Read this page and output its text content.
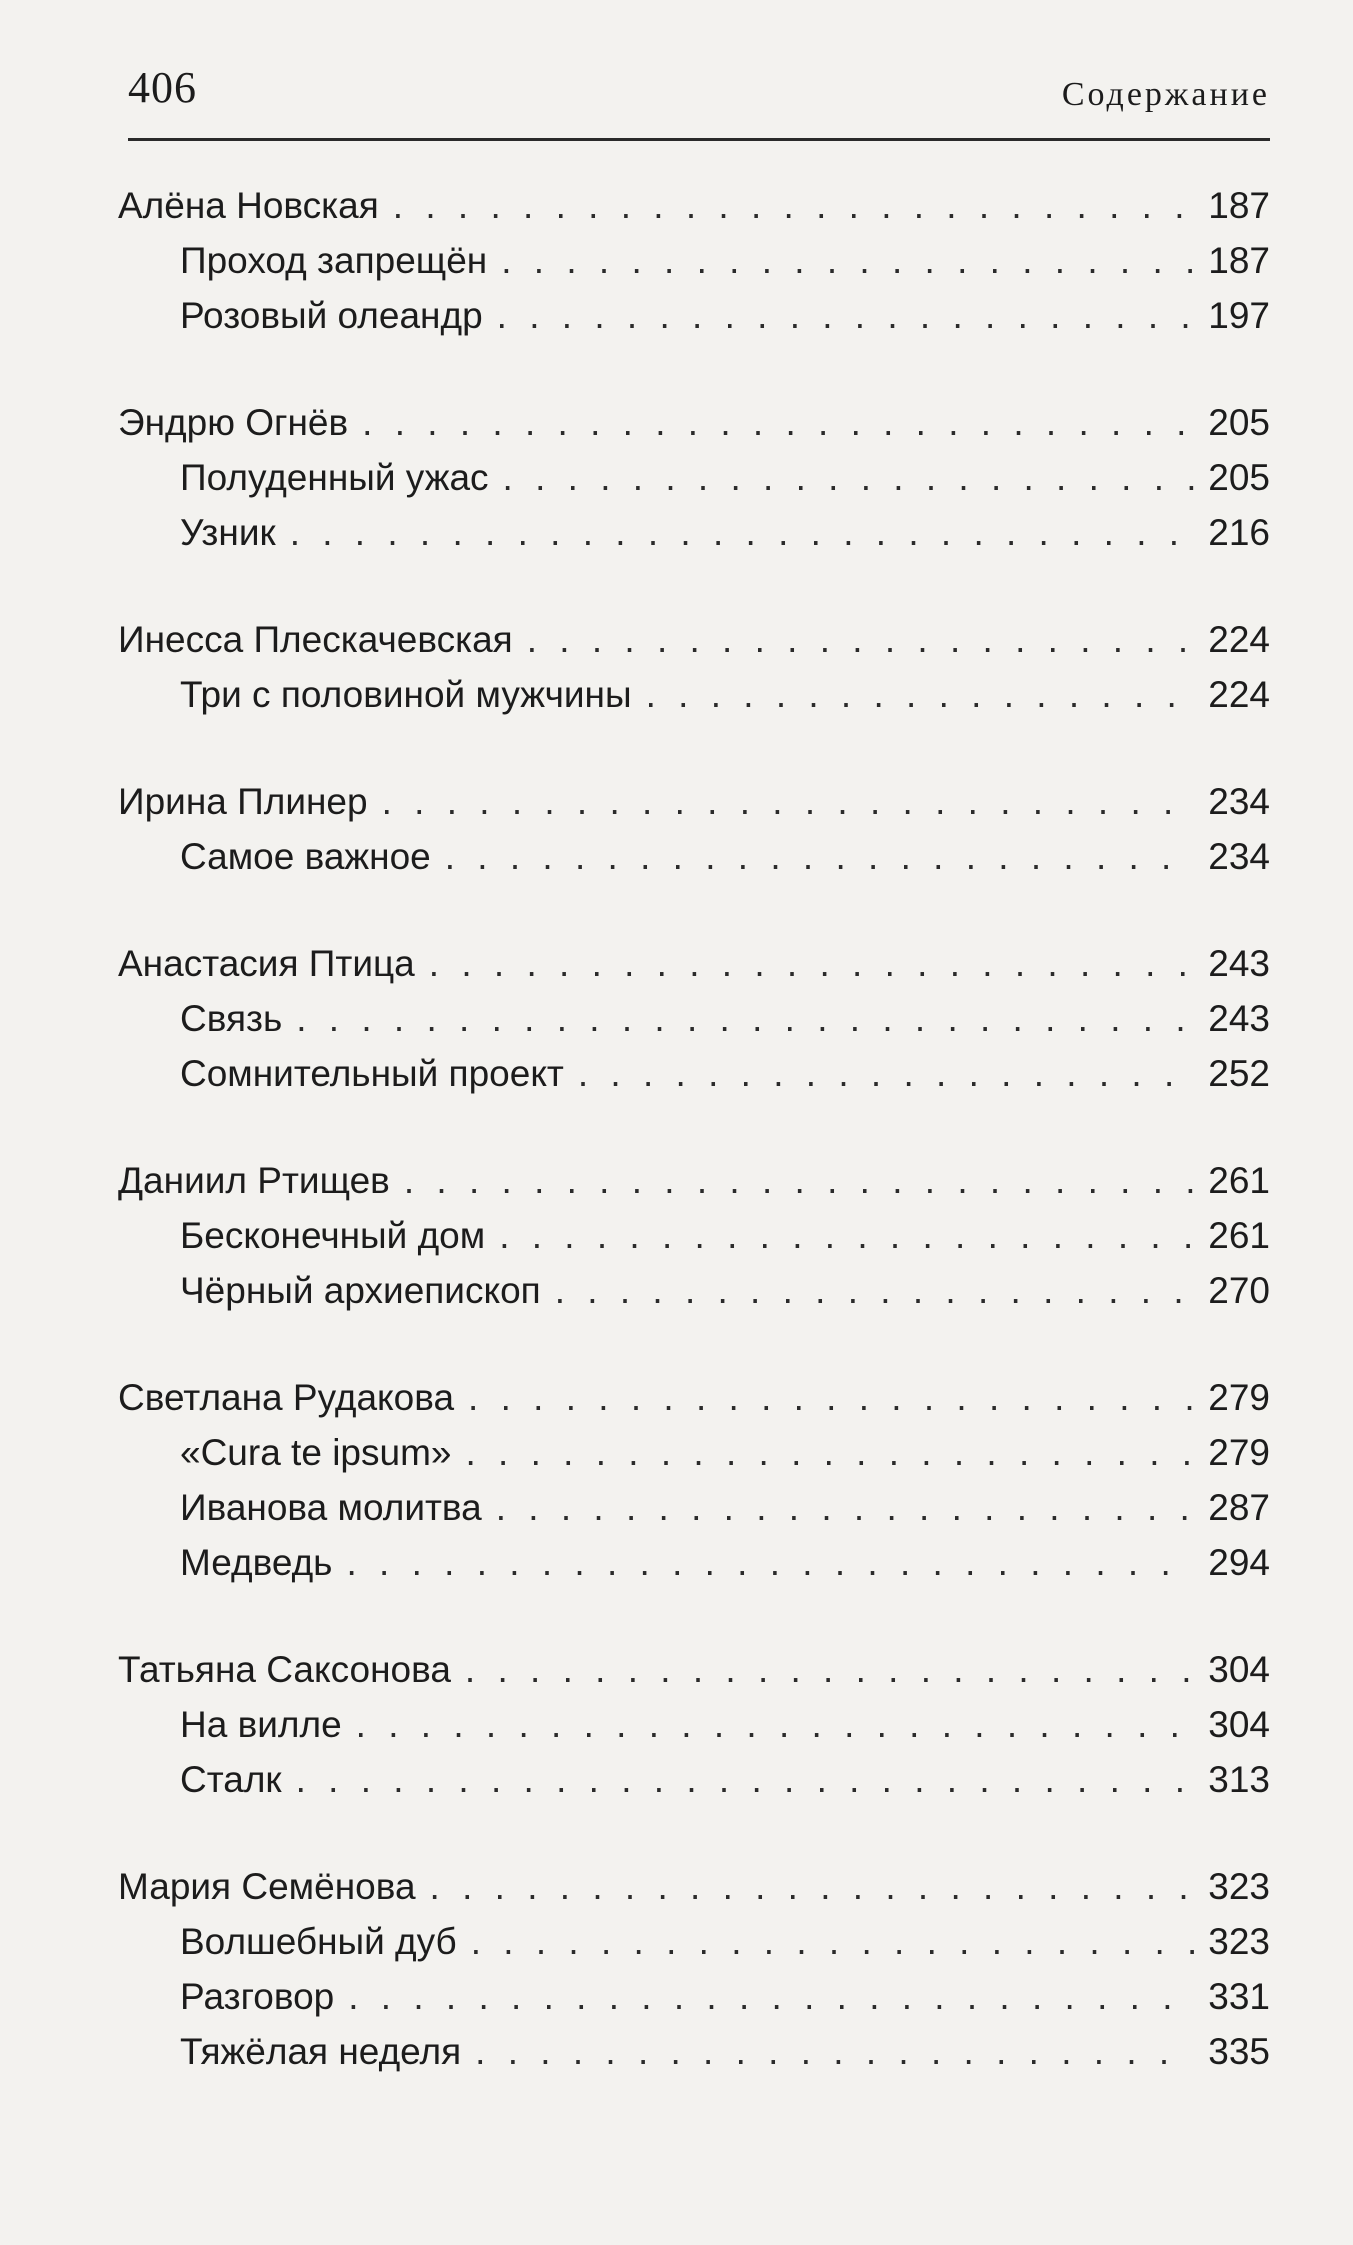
406	Содержание
Алёна Новская . . .	187
Проход запрещён . . .	187
Розовый олеандр . . .	197
Эндрю Огнёв . . .	205
Полуденный ужас . . .	205
Узник . . .	216
Инесса Плескачевская . . .	224
Три с половиной мужчины . . .	224
Ирина Плинер . . .	234
Самое важное . . .	234
Анастасия Птица . . .	243
Связь . . .	243
Сомнительный проект . . .	252
Даниил Ртищев . . .	261
Бесконечный дом . . .	261
Чёрный архиепископ . . .	270
Светлана Рудакова . . .	279
«Cura te ipsum» . . .	279
Иванова молитва . . .	287
Медведь . . .	294
Татьяна Саксонова . . .	304
На вилле . . .	304
Сталк . . .	313
Мария Семёнова . . .	323
Волшебный дуб . . .	323
Разговор . . .	331
Тяжёлая неделя . . .	335
